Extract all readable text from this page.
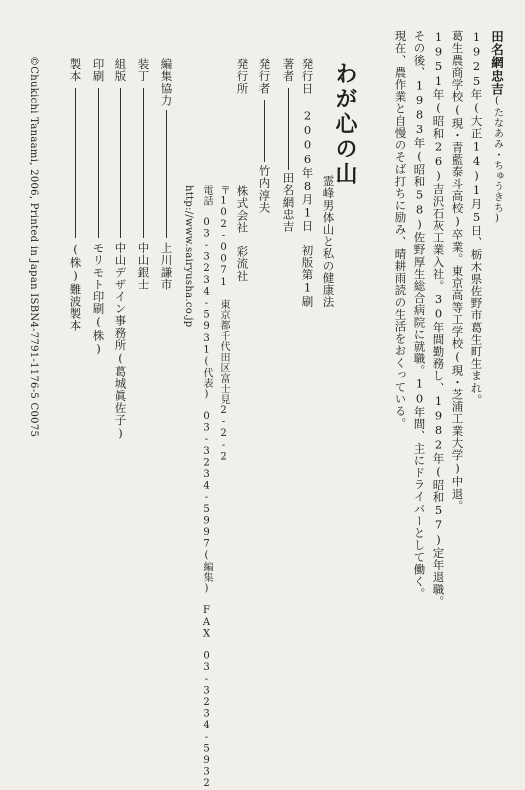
田名網忠吉(たなあみ・ちゅうきち)
1925年(大正14)1月5日、栃木県佐野市葛生町生まれ。
葛生農商学校(現・青藍泰斗高校)卒業。東京高等工学校(現・芝浦工業大学)中退。
1951年(昭和26)吉沢石灰工業入社。30年間勤務し、1982年(昭和57)定年退職。
その後、1983年(昭和58)佐野厚生総合病院に就職。10年間、主にドライバーとして働く。
現在、農作業と自慢のそば打ちに励み、晴耕雨読の生活をおくっている。
わが心の山
霊峰男体山と私の健康法
発行日2006年8月1日　初版第1刷
著者
田名網忠吉
発行者
竹内淳夫
発行所
株式会社　彩流社
〒102-0071　東京都千代田区富士見2-2-2
電話　03-3234-5931(代表)　03-3234-5997(編集)　FAX　03-3234-5932
http://www.sairyusha.co.jp
編集協力
上川謙市
装丁
中山銀士
組版
中山デザイン事務所(葛城眞佐子)
印刷
モリモト印刷(株)
製本
(株)難波製本
©Chukichi Tanaami, 2006, Printed in Japan ISBN4-7791-1176-5 C0075
